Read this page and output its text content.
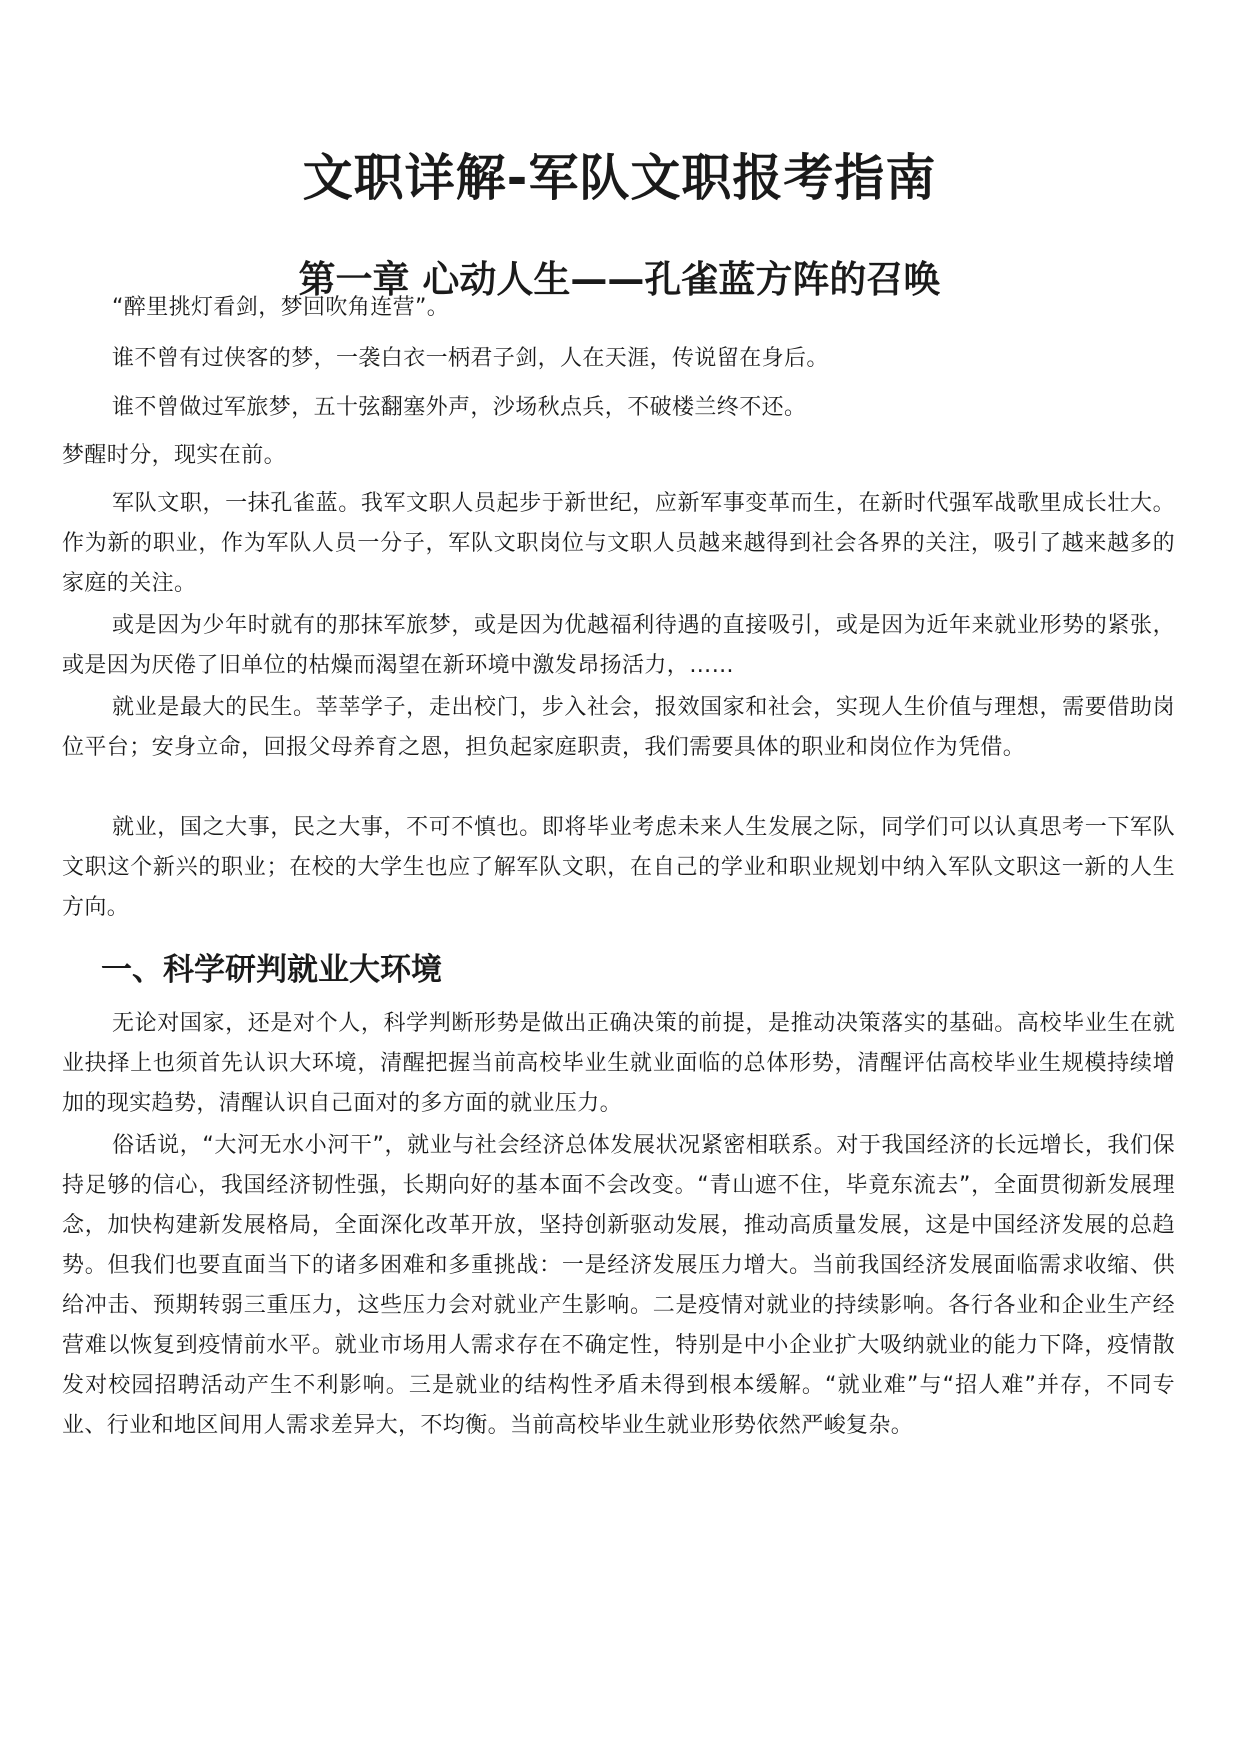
文职详解-军队文职报考指南
第一章 心动人生——孔雀蓝方阵的召唤

“醉里挑灯看剑，梦回吹角连营”。

谁不曾有过侠客的梦，一袭白衣一柄君子剑，人在天涯，传说留在身后。

谁不曾做过军旅梦，五十弦翻塞外声，沙场秋点兵，不破楼兰终不还。

梦醒时分，现实在前。

军队文职，一抹孔雀蓝。我军文职人员起步于新世纪，应新军事变革而生，在新时代强军战歌里成长壮大。作为新的职业，作为军队人员一分子，军队文职岗位与文职人员越来越得到社会各界的关注，吸引了越来越多的家庭的关注。

或是因为少年时就有的那抹军旅梦，或是因为优越福利待遇的直接吸引，或是因为近年来就业形势的紧张，或是因为厌倦了旧单位的枯燥而渴望在新环境中激发昂扬活力，……

就业是最大的民生。莘莘学子，走出校门，步入社会，报效国家和社会，实现人生价值与理想，需要借助岗位平台；安身立命，回报父母养育之恩，担负起家庭职责，我们需要具体的职业和岗位作为凭借。

就业，国之大事，民之大事，不可不慎也。即将毕业考虑未来人生发展之际，同学们可以认真思考一下军队文职这个新兴的职业；在校的大学生也应了解军队文职，在自己的学业和职业规划中纳入军队文职这一新的人生方向。

一、科学研判就业大环境

无论对国家，还是对个人，科学判断形势是做出正确决策的前提，是推动决策落实的基础。高校毕业生在就业抉择上也须首先认识大环境，清醒把握当前高校毕业生就业面临的总体形势，清醒评估高校毕业生规模持续增加的现实趋势，清醒认识自己面对的多方面的就业压力。

俗话说，“大河无水小河干”，就业与社会经济总体发展状况紧密相联系。对于我国经济的长远增长，我们保持足够的信心，我国经济韧性强，长期向好的基本面不会改变。“青山遮不住，毕竟东流去”，全面贯彻新发展理念，加快构建新发展格局，全面深化改革开放，坚持创新驱动发展，推动高质量发展，这是中国经济发展的总趋势。但我们也要直面当下的诸多困难和多重挑战：一是经济发展压力增大。当前我国经济发展面临需求收缩、供给冲击、预期转弱三重压力，这些压力会对就业产生影响。二是疫情对就业的持续影响。各行各业和企业生产经营难以恢复到疫情前水平。就业市场用人需求存在不确定性，特别是中小企业扩大吸纳就业的能力下降，疫情散发对校园招聘活动产生不利影响。三是就业的结构性矛盾未得到根本缓解。“就业难”与“招人难”并存，不同专业、行业和地区间用人需求差异大，不均衡。当前高校毕业生就业形势依然严峻复杂。
